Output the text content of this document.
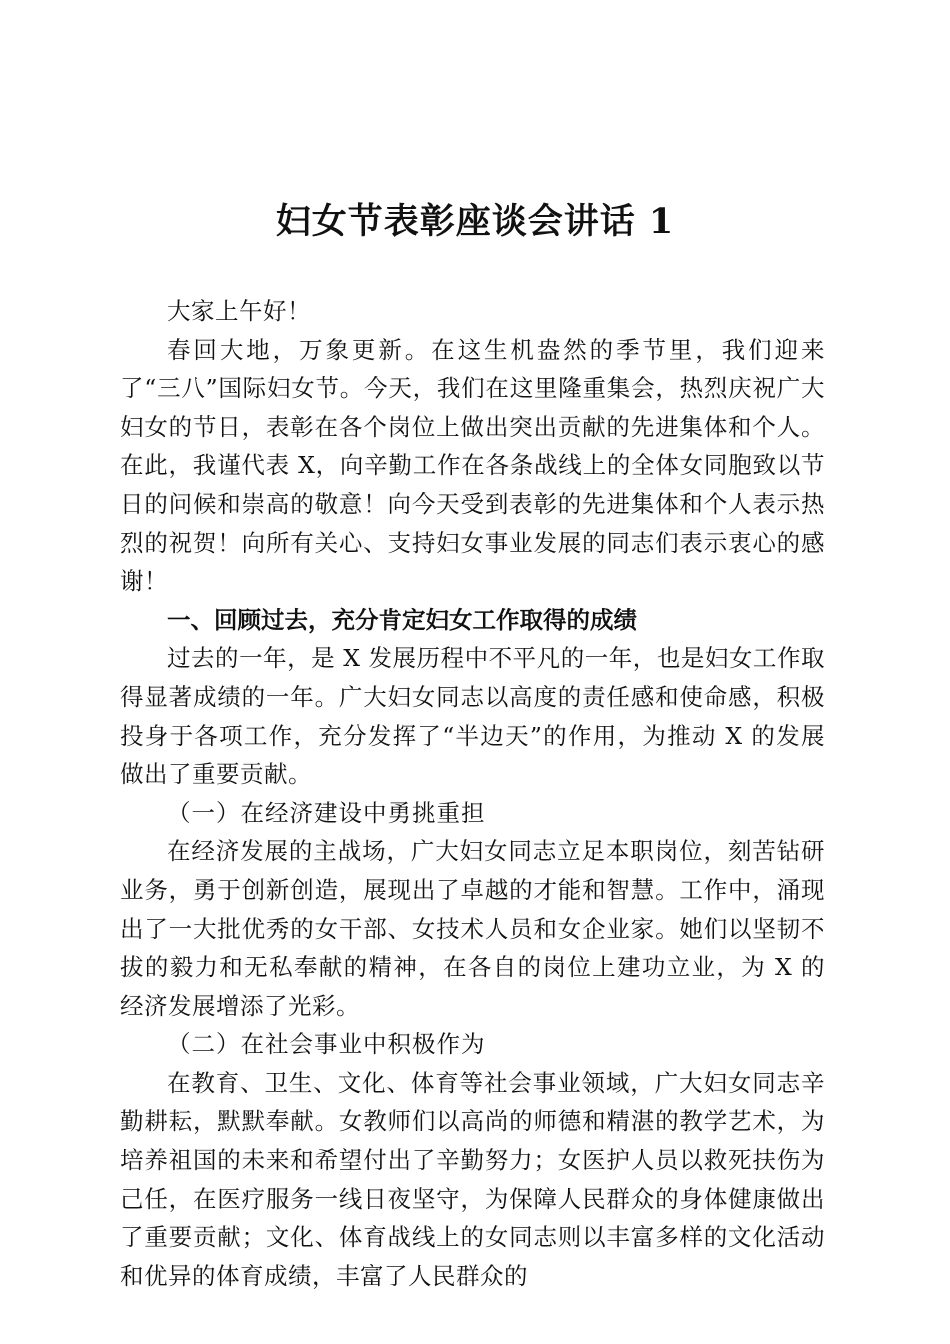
妇女节表彰座谈会讲话 1

大家上午好！

春回大地，万象更新。在这生机盎然的季节里，我们迎来了“三八”国际妇女节。今天，我们在这里隆重集会，热烈庆祝广大妇女的节日，表彰在各个岗位上做出突出贡献的先进集体和个人。在此，我谨代表 X，向辛勤工作在各条战线上的全体女同胞致以节日的问候和崇高的敬意！向今天受到表彰的先进集体和个人表示热烈的祝贺！向所有关心、支持妇女事业发展的同志们表示衷心的感谢！

一、回顾过去，充分肯定妇女工作取得的成绩

过去的一年，是 X 发展历程中不平凡的一年，也是妇女工作取得显著成绩的一年。广大妇女同志以高度的责任感和使命感，积极投身于各项工作，充分发挥了“半边天”的作用，为推动 X 的发展做出了重要贡献。

（一）在经济建设中勇挑重担

在经济发展的主战场，广大妇女同志立足本职岗位，刻苦钻研业务，勇于创新创造，展现出了卓越的才能和智慧。工作中，涌现出了一大批优秀的女干部、女技术人员和女企业家。她们以坚韧不拔的毅力和无私奉献的精神，在各自的岗位上建功立业，为 X 的经济发展增添了光彩。

（二）在社会事业中积极作为

在教育、卫生、文化、体育等社会事业领域，广大妇女同志辛勤耕耘，默默奉献。女教师们以高尚的师德和精湛的教学艺术，为培养祖国的未来和希望付出了辛勤努力；女医护人员以救死扶伤为己任，在医疗服务一线日夜坚守，为保障人民群众的身体健康做出了重要贡献；文化、体育战线上的女同志则以丰富多样的文化活动和优异的体育成绩，丰富了人民群众的
